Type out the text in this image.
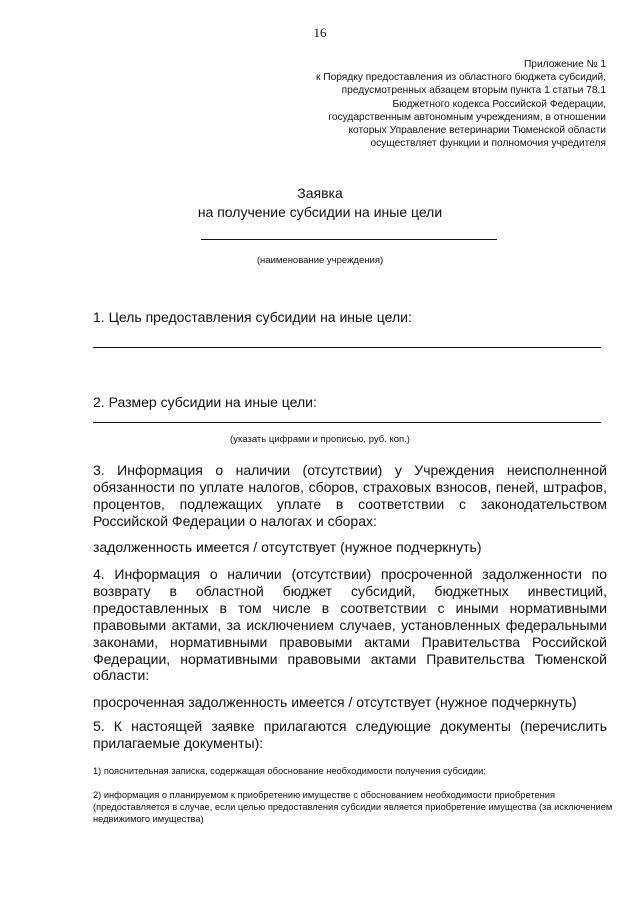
16
Приложение № 1
к Порядку предоставления из областного бюджета субсидий,
предусмотренных абзацем вторым пункта 1 статьи 78.1
Бюджетного кодекса Российской Федерации,
государственным автономным учреждениям, в отношении
которых Управление ветеринарии Тюменской области
осуществляет функции и полномочия учредителя
Заявка
на получение субсидии на иные цели
(наименование учреждения)
1. Цель предоставления субсидии на иные цели:
2. Размер субсидии на иные цели:
(указать цифрами и прописью, руб. коп.)
3. Информация о наличии (отсутствии) у Учреждения неисполненной обязанности по уплате налогов, сборов, страховых взносов, пеней, штрафов, процентов, подлежащих уплате в соответствии с законодательством Российской Федерации о налогах и сборах:
задолженность имеется / отсутствует (нужное подчеркнуть)
4. Информация о наличии (отсутствии) просроченной задолженности по возврату в областной бюджет субсидий, бюджетных инвестиций, предоставленных в том числе в соответствии с иными нормативными правовыми актами, за исключением случаев, установленных федеральными законами, нормативными правовыми актами Правительства Российской Федерации, нормативными правовыми актами Правительства Тюменской области:
просроченная задолженность имеется / отсутствует (нужное подчеркнуть)
5. К настоящей заявке прилагаются следующие документы (перечислить прилагаемые документы):
1) пояснительная записка, содержащая обоснование необходимости получения субсидии;
2) информация о планируемом к приобретению имуществе с обоснованием необходимости приобретения (предоставляется в случае, если целью предоставления субсидии является приобретение имущества (за исключением недвижимого имущества)
